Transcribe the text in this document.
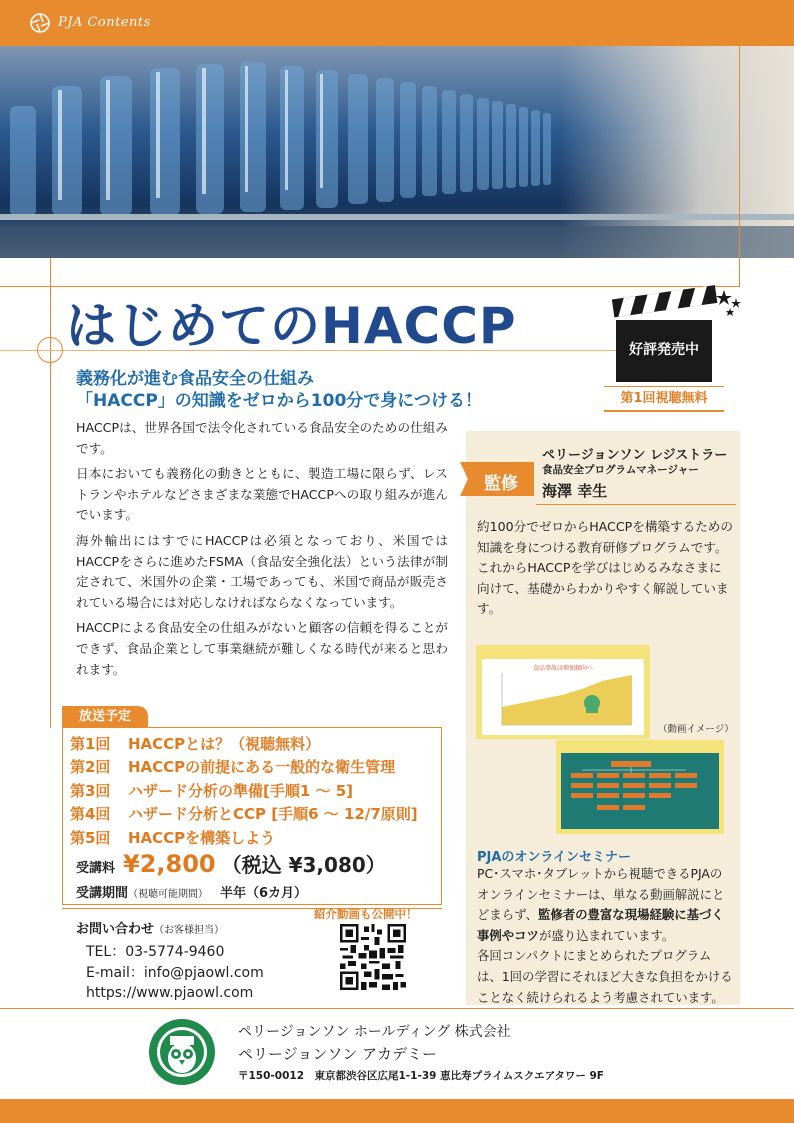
PJA Contents
はじめてのHACCP
義務化が進む食品安全の仕組み
「HACCP」の知識をゼロから100分で身につける！
好評発売中
第1回視聴無料

HACCPは、世界各国で法令化されている食品安全のための仕組みです。

日本においても義務化の動きとともに、製造工場に限らず、レストランやホテルなどさまざまな業態でHACCPへの取り組みが進んでいます。

海外輸出にはすでにHACCPは必須となっており、米国ではHACCPをさらに進めたFSMA（食品安全強化法）という法律が制定されて、米国外の企業・工場であっても、米国で商品が販売されている場合には対応しなければならなくなっています。

HACCPによる食品安全の仕組みがないと顧客の信頼を得ることができず、食品企業として事業継続が難しくなる時代が来ると思われます。

放送予定
第1回 HACCPとは？（視聴無料）
第2回 HACCPの前提にある一般的な衛生管理
第3回 ハザード分析の準備[手順1 ～ 5]
第4回 ハザード分析とCCP [手順6 ～ 12/7原則]
第5回 HACCPを構築しよう
受講料 ¥2,800 （税込 ¥3,080）
受講期間（視聴可能期間） 半年（6カ月）
お問い合わせ（お客様担当）
TEL：03-5774-9460
E-mail：info@pjaowl.com
https://www.pjaowl.com
紹介動画も公開中！
監修
ペリージョンソン レジストラー
食品安全プログラムマネージャー
海澤 幸生
約100分でゼロからHACCPを構築するための知識を身につける教育研修プログラムです。
これからHACCPを学びはじめるみなさまに向けて、基礎からわかりやすく解説しています。
食品事故は増加傾向へ
（動画イメージ）
PJAのオンラインセミナー
PC･スマホ･タブレットから視聴できるPJAのオンラインセミナーは、単なる動画解説にとどまらず、監修者の豊富な現場経験に基づく事例やコツが盛り込まれています。
各回コンパクトにまとめられたプログラムは、1回の学習にそれほど大きな負担をかけることなく続けられるよう考慮されています。
ペリージョンソン ホールディング 株式会社
ペリージョンソン アカデミー
〒150-0012　東京都渋谷区広尾1-1-39 恵比寿プライムスクエアタワー 9F
